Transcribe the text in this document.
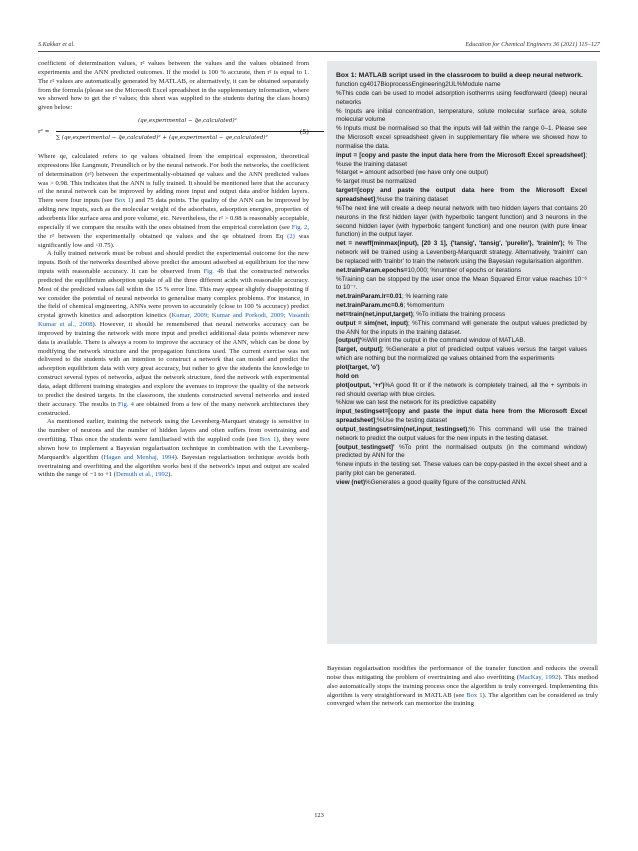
S.Kakkar et al.	Education for Chemical Engineers 36 (2021) 115–127

coefficient of determination values, r² values between the values and the values obtained from experiments and the ANN predicted outcomes. If the model is 100 % accurate, then r² is equal to 1. The r² values are automatically generated by MATLAB, or alternatively, it can be obtained separately from the formula (please see the Microsoft Excel spreadsheet in the supplementary information, where we showed how to get the r² values; this sheet was supplied to the students during the class hours) given below:

r² =
(qe,experimental − q̄e,calculated)²
∑ (qe,experimental − q̄e,calculated)² + (qe,experimental − qe,calculated)²
(5)

Where qe, calculated refers to qe values obtained from the empirical expression, theoretical expressions like Langmuir, Freundlich or by the neural network. For both the networks, the coefficient of determination (r²) between the experimentally-obtained qe values and the ANN predicted values was > 0.98. This indicates that the ANN is fully trained. It should be mentioned here that the accuracy of the neural network can be improved by adding more input and output data and/or hidden layers. There were four inputs (see Box 1) and 75 data points. The quality of the ANN can be improved by adding new inputs, such as the molecular weight of the adsorbates, adsorption energies, properties of adsorbents like surface area and pore volume, etc. Nevertheless, the r² > 0.98 is reasonably acceptable, especially if we compare the results with the ones obtained from the empirical correlation (see Fig. 2, the r² between the experimentally obtained qe values and the qe obtained from Eq (2) was significantly low and <0.75).

A fully trained network must be robust and should predict the experimental outcome for the new inputs. Both of the networks described above predict the amount adsorbed at equilibrium for the new inputs with reasonable accuracy. It can be observed from Fig. 4b that the constructed networks predicted the equilibrium adsorption uptake of all the three different acids with reasonable accuracy. Most of the predicted values fall within the 15 % error line. This may appear slightly disappointing if we consider the potential of neural networks to generalise many complex problems. For instance, in the field of chemical engineering, ANNs were proven to accurately (close to 100 % accuracy) predict crystal growth kinetics and adsorption kinetics (Kumar, 2009; Kumar and Porkodi, 2009; Vasanth Kumar et al., 2008). However, it should be remembered that neural networks accuracy can be improved by training the network with more input and predict additional data points whenever new data is available. There is always a room to improve the accuracy of the ANN, which can be done by modifying the network structure and the propagation functions used. The current exercise was not delivered to the students with an intention to construct a network that can model and predict the adsorption equilibrium data with very great accuracy, but rather to give the students the knowledge to construct several types of networks, adjust the network structure, feed the network with experimental data, adapt different training strategies and explore the avenues to improve the quality of the network to predict the desired targets. In the classroom, the students constructed several networks and tested their accuracy. The results in Fig. 4 are obtained from a few of the many network architectures they constructed.

As mentioned earlier, training the network using the Levenberg-Marquart strategy is sensitive to the number of neurons and the number of hidden layers and often suffers from overtraining and overfitting. Thus once the students were familiarised with the supplied code (see Box 1), they were shown how to implement a Bayesian regularisation technique in combination with the Levenberg-Marquardt's algorithm (Hagan and Menhaj, 1994). Bayesian regularisation technique avoids both overtraining and overfitting and the algorithm works best if the network's input and output are scaled within the range of −1 to +1 (Demuth et al., 1992).

Box 1: MATLAB script used in the classroom to build a deep neural network.

function cg4017BioprocessEngineering2UL%Module name

%This code can be used to model adsorption isotherms using feedforward (deep) neural networks

% Inputs are initial concentration, temperature, solute molecular surface area, solute molecular volume

% Inputs must be normalised so that the inputs will fall within the range 0–1. Please see the Microsoft excel spreadsheet given in supplementary file where we showed how to normalise the data.

input = [copy and paste the input data here from the Microsoft Excel spreadsheet]; %use the training dataset

%target = amount adsorbed (we have only one output)

% target must be normalized

target=[copy and paste the output data here from the Microsoft Excel spreadsheet];%use the training dataset

%The next line will create a deep neural network with two hidden layers that contains 20 neurons in the first hidden layer (with hyperbolic tangent function) and 3 neurons in the second hidden layer (with hyperbolic tangent function) and one neuron (with pure linear function) in the output layer.

net = newff(minmax(input), [20 3 1], {'tansig', 'tansig', 'purelin'}, 'trainlm'); % The network will be trained using a Levenberg-Marquardt strategy. Alternatively, 'trainlm' can be replaced with 'trainbr' to train the network using the Bayesian regularisation algorithm.

net.trainParam.epochs=10,000; %number of epochs or iterations

%Training can be stopped by the user once the Mean Squared Error value reaches 10⁻⁶ to 10⁻⁷.

net.trainParam.lr=0.01; % learning rate

net.trainParam.mc=0.6; %momentum

net=train(net,input,target); %To initiate the training process

output = sim(net, input); %This command will generate the output values predicted by the ANN for the inputs in the training dataset.

[output]'%Will print the output in the command window of MATLAB.

[target, output]; %Generate a plot of predicted output values versus the target values which are nothing but the normalized qe values obtained from the experiments

plot(target, 'o')

hold on

plot(output, '+r')%A good fit or if the network is completely trained, all the + symbols in red should overlap with blue circles.

%Now we can test the network for its predictive capability

input_testingset=[copy and paste the input data here from the Microsoft Excel spreadsheet];%Use the testing dataset

output_testingset=sim(net,input_testingset);% This command will use the trained network to predict the output values for the new inputs in the testing dataset.

[output_testingset]' %To print the normalised outputs (in the command window) predicted by ANN for the

%new inputs in the testing set. These values can be copy-pasted in the excel sheet and a parity plot can be generated.

view (net)%Generates a good quality figure of the constructed ANN.

Bayesian regularisation modifies the performance of the transfer function and reduces the overall noise thus mitigating the problem of overtraining and also overfitting (MacKay, 1992). This method also automatically stops the training process once the algorithm is truly converged. Implementing this algorithm is very straightforward in MATLAB (see Box 1). The algorithm can be considered as truly converged when the network can memorize the training

123
